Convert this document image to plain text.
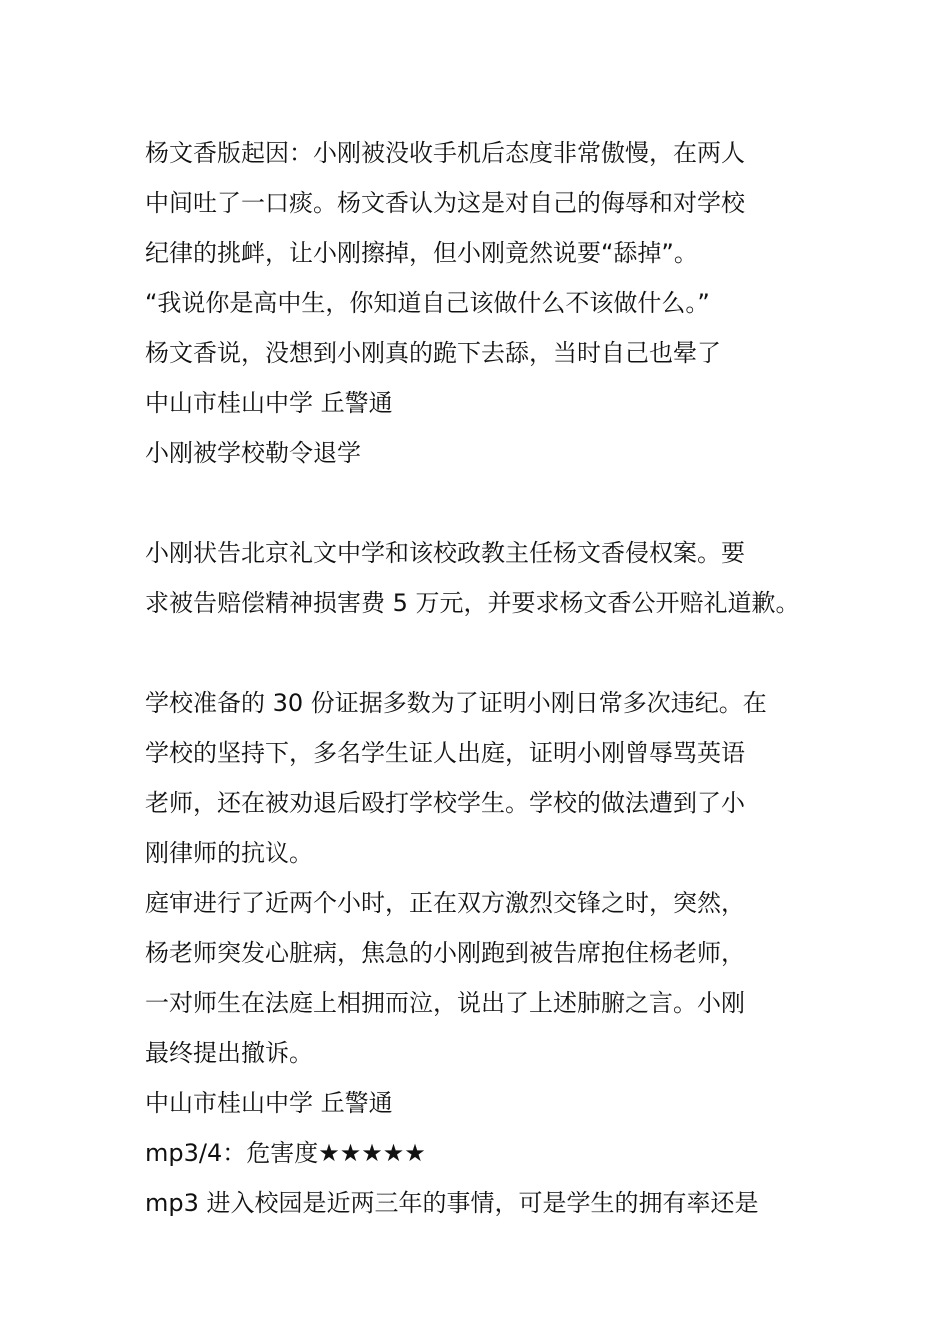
杨文香版起因：小刚被没收手机后态度非常傲慢，在两人
中间吐了一口痰。杨文香认为这是对自己的侮辱和对学校
纪律的挑衅，让小刚擦掉，但小刚竟然说要“舔掉”。
“我说你是高中生，你知道自己该做什么不该做什么。”
杨文香说，没想到小刚真的跪下去舔，当时自己也晕了

中山市桂山中学 丘警通

小刚被学校勒令退学

小刚状告北京礼文中学和该校政教主任杨文香侵权案。要
求被告赔偿精神损害费 5 万元，并要求杨文香公开赔礼道歉。

学校准备的 30 份证据多数为了证明小刚日常多次违纪。在
学校的坚持下，多名学生证人出庭，证明小刚曾辱骂英语
老师，还在被劝退后殴打学校学生。学校的做法遭到了小
刚律师的抗议。

庭审进行了近两个小时，正在双方激烈交锋之时，突然，
杨老师突发心脏病，焦急的小刚跑到被告席抱住杨老师，
一对师生在法庭上相拥而泣，说出了上述肺腑之言。小刚
最终提出撤诉。

中山市桂山中学 丘警通

mp3/4：危害度★★★★★

mp3 进入校园是近两三年的事情，可是学生的拥有率还是
